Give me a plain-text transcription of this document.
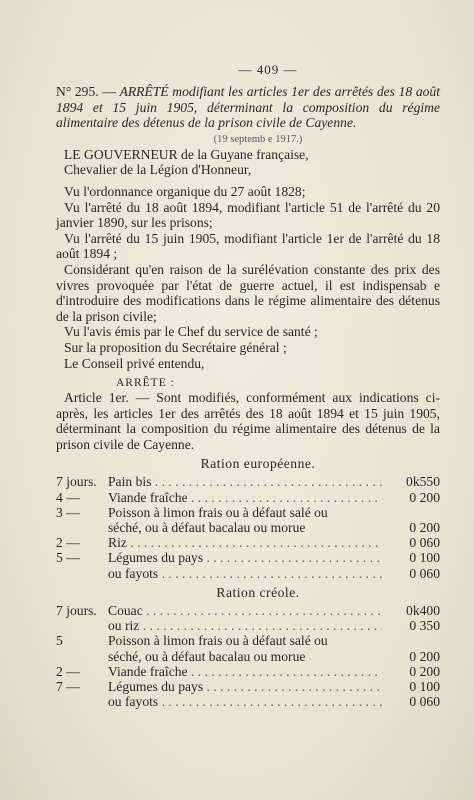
— 409 —
N° 295. — ARRÊTÉ modifiant les articles 1er des arrêtés des 18 août 1894 et 15 juin 1905, déterminant la composition du régime alimentaire des détenus de la prison civile de Cayenne.
(19 septemb e 1917.)

LE GOUVERNEUR de la Guyane française,

Chevalier de la Légion d'Honneur,

Vu l'ordonnance organique du 27 août 1828;

Vu l'arrêté du 18 août 1894, modifiant l'article 51 de l'arrêté du 20 janvier 1890, sur les prisons;

Vu l'arrêté du 15 juin 1905, modifiant l'article 1er de l'arrêté du 18 août 1894 ;

Considérant qu'en raison de la surélévation constante des prix des vivres provoquée par l'état de guerre actuel, il est indispensab e d'introduire des modifications dans le régime alimentaire des détenus de la prison civile;

Vu l'avis émis par le Chef du service de santé ;

Sur la proposition du Secrétaire général ;

Le Conseil privé entendu,

ARRÊTE :

Article 1er. — Sont modifiés, conformément aux indications ci-après, les articles 1er des arrêtés des 18 août 1894 et 15 juin 1905, déterminant la composition du régime alimentaire des détenus de la prison civile de Cayenne.

Ration européenne.
7 jours. Pain bis . . .	0k550
4 —	Viande fraîche . . .	0 200
3 —	Poisson à limon frais ou à défaut salé ou
séché, ou à défaut bacalau ou morue	0 200
2 —	Riz . . .	0 060
5 —	Légumes du pays . . .	0 100
ou fayots . . .	0 060
Ration créole.
7 jours. Couac . . .	0k400
ou riz . . .	0 350
5	Poisson à limon frais ou à défaut salé ou
séché, ou à défaut bacalau ou morue	0 200
2 —	Viande fraîche . . .	0 200
7 —	Légumes du pays . . .	0 100
ou fayots . . .	0 060
